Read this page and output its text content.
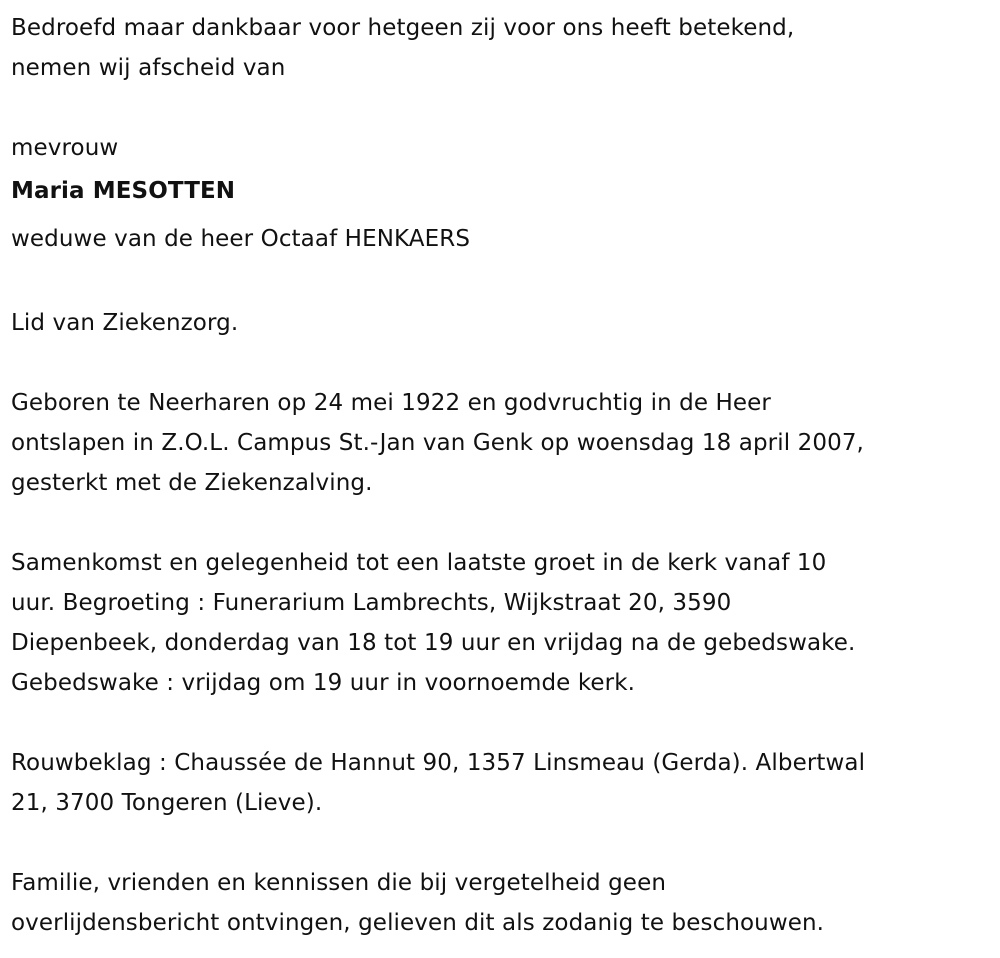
Bedroefd maar dankbaar voor hetgeen zij voor ons heeft betekend,
nemen wij afscheid van
mevrouw
Maria MESOTTEN
weduwe van de heer Octaaf HENKAERS
Lid van Ziekenzorg.
Geboren te Neerharen op 24 mei 1922 en godvruchtig in de Heer
ontslapen in Z.O.L. Campus St.-Jan van Genk op woensdag 18 april 2007,
gesterkt met de Ziekenzalving.
Samenkomst en gelegenheid tot een laatste groet in de kerk vanaf 10
uur. Begroeting : Funerarium Lambrechts, Wijkstraat 20, 3590
Diepenbeek, donderdag van 18 tot 19 uur en vrijdag na de gebedswake.
Gebedswake : vrijdag om 19 uur in voornoemde kerk.
Rouwbeklag : Chaussée de Hannut 90, 1357 Linsmeau (Gerda). Albertwal
21, 3700 Tongeren (Lieve).
Familie, vrienden en kennissen die bij vergetelheid geen
overlijdensbericht ontvingen, gelieven dit als zodanig te beschouwen.
